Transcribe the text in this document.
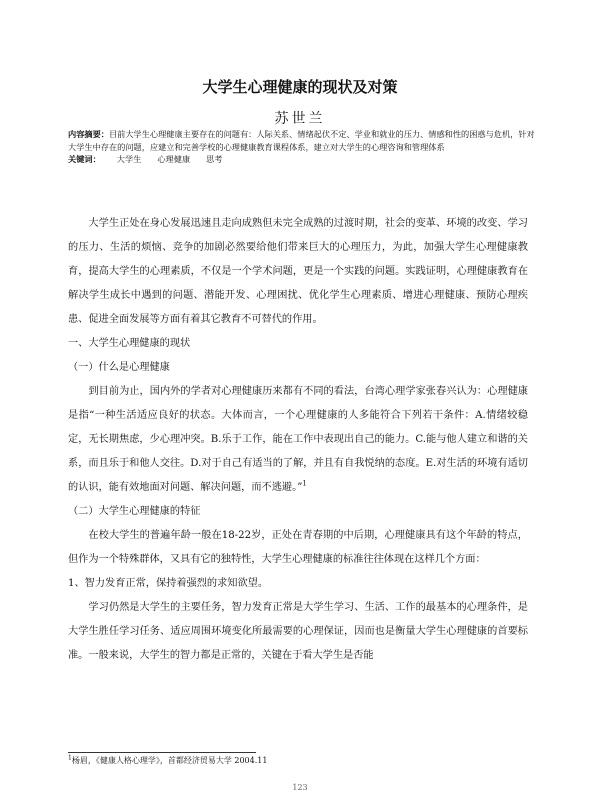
大学生心理健康的现状及对策
苏世兰
内容摘要：目前大学生心理健康主要存在的问题有：人际关系、情绪起伏不定、学业和就业的压力、情感和性的困惑与危机，针对大学生中存在的问题，应建立和完善学校的心理健康教育课程体系，建立对大学生的心理咨询和管理体系
关键词： 大学生 心理健康 思考

大学生正处在身心发展迅速且走向成熟但未完全成熟的过渡时期，社会的变革、环境的改变、学习的压力、生活的烦恼、竞争的加剧必然要给他们带来巨大的心理压力，为此，加强大学生心理健康教育，提高大学生的心理素质，不仅是一个学术问题，更是一个实践的问题。实践证明，心理健康教育在解决学生成长中遇到的问题、潜能开发、心理困扰、优化学生心理素质、增进心理健康、预防心理疾患、促进全面发展等方面有着其它教育不可替代的作用。

一、大学生心理健康的现状

（一）什么是心理健康

到目前为止，国内外的学者对心理健康历来都有不同的看法，台湾心理学家张春兴认为：心理健康是指“一种生活适应良好的状态。大体而言，一个心理健康的人多能符合下列若干条件：A.情绪较稳定，无长期焦虑，少心理冲突。B.乐于工作，能在工作中表现出自己的能力。C.能与他人建立和谐的关系，而且乐于和他人交往。D.对于自己有适当的了解，并且有自我悦纳的态度。E.对生活的环境有适切的认识，能有效地面对问题、解决问题，而不逃避。”$^1$

（二）大学生心理健康的特征

在校大学生的普遍年龄一般在18-22岁，正处在青春期的中后期，心理健康具有这个年龄的特点，但作为一个特殊群体，又具有它的独特性，大学生心理健康的标准往往体现在这样几个方面：

1、智力发育正常，保持着强烈的求知欲望。

学习仍然是大学生的主要任务，智力发育正常是大学生学习、生活、工作的最基本的心理条件，是大学生胜任学习任务、适应周围环境变化所最需要的心理保证，因而也是衡量大学生心理健康的首要标准。一般来说，大学生的智力都是正常的，关键在于看大学生是否能

$^1$杨眉，《健康人格心理学》，首都经济贸易大学 2004.11
123
